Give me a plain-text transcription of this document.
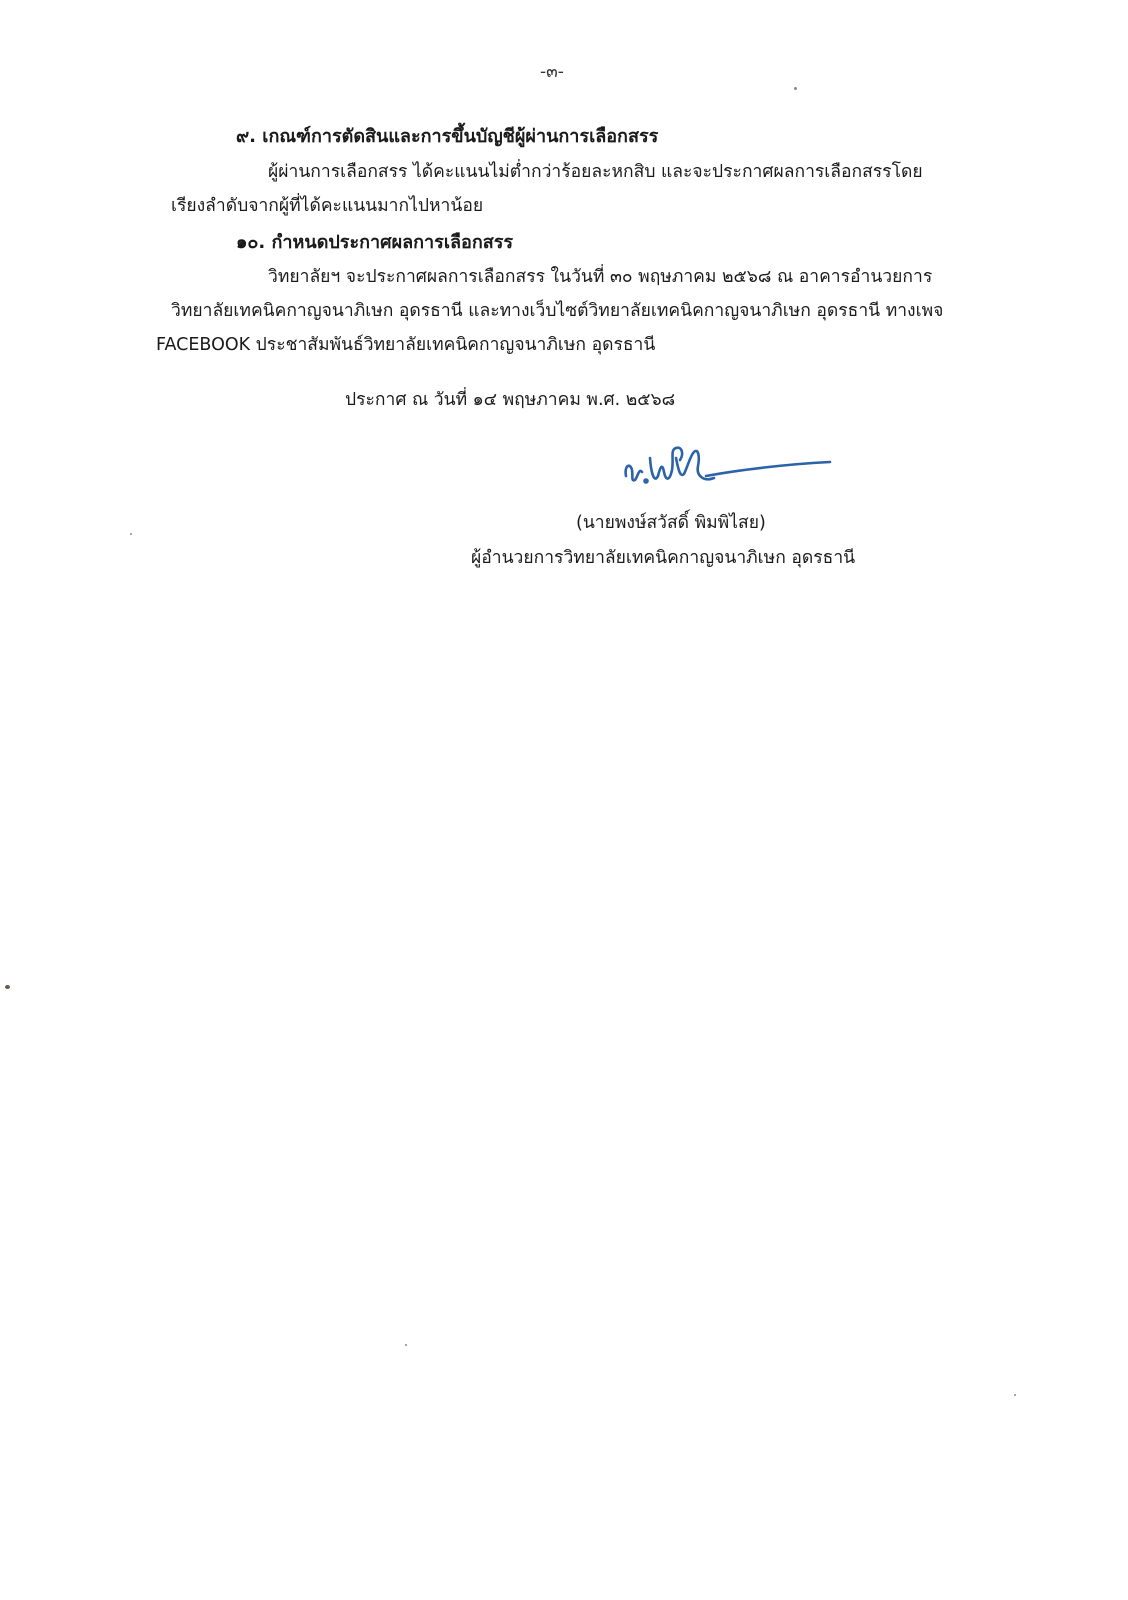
-๓-
๙. เกณฑ์การตัดสินและการขึ้นบัญชีผู้ผ่านการเลือกสรร
ผู้ผ่านการเลือกสรร ได้คะแนนไม่ต่ำกว่าร้อยละหกสิบ และจะประกาศผลการเลือกสรรโดย
เรียงลำดับจากผู้ที่ได้คะแนนมากไปหาน้อย
๑๐. กำหนดประกาศผลการเลือกสรร
วิทยาลัยฯ จะประกาศผลการเลือกสรร ในวันที่ ๓๐ พฤษภาคม ๒๕๖๘ ณ อาคารอำนวยการ
วิทยาลัยเทคนิคกาญจนาภิเษก อุดรธานี และทางเว็บไซต์วิทยาลัยเทคนิคกาญจนาภิเษก อุดรธานี ทางเพจ
FACEBOOK ประชาสัมพันธ์วิทยาลัยเทคนิคกาญจนาภิเษก อุดรธานี
ประกาศ ณ วันที่ ๑๔ พฤษภาคม พ.ศ. ๒๕๖๘
(นายพงษ์สวัสดิ์ พิมพิไสย)
ผู้อำนวยการวิทยาลัยเทคนิคกาญจนาภิเษก อุดรธานี
